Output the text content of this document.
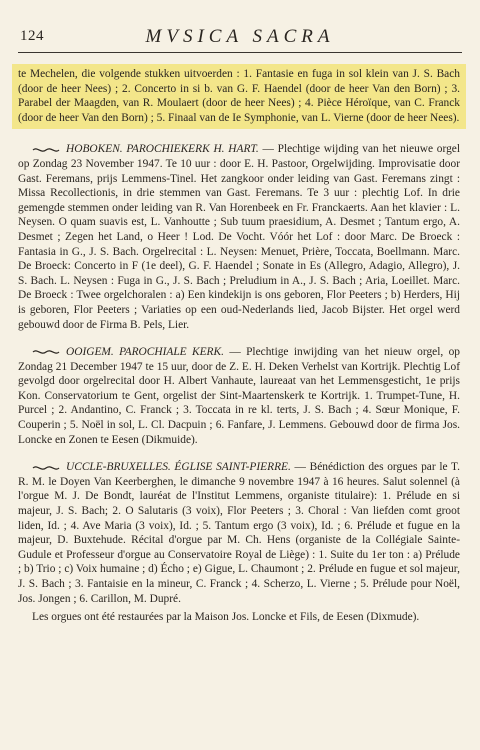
124	MVSICA SACRA

te Mechelen, die volgende stukken uitvoerden : 1. Fantasie en fuga in sol klein van J. S. Bach (door de heer Nees) ; 2. Concerto in si b. van G. F. Haendel (door de heer Van den Born) ; 3. Parabel der Maagden, van R. Moulaert (door de heer Nees) ; 4. Pièce Héroïque, van C. Franck (door de heer Van den Born) ; 5. Finaal van de Ie Symphonie, van L. Vierne (door de heer Nees).

HOBOKEN. PAROCHIEKERK H. HART. — Plechtige wijding van het nieuwe orgel op Zondag 23 November 1947. Te 10 uur : door E. H. Pastoor, Orgelwijding. Improvisatie door Gast. Feremans, prijs Lemmens-Tinel. Het zangkoor onder leiding van Gast. Feremans zingt : Missa Recollectionis, in drie stemmen van Gast. Feremans. Te 3 uur : plechtig Lof. In drie gemengde stemmen onder leiding van R. Van Horenbeek en Fr. Franckaerts. Aan het klavier : L. Neysen. O quam suavis est, L. Vanhoutte ; Sub tuum praesidium, A. Desmet ; Tantum ergo, A. Desmet ; Zegen het Land, o Heer ! Lod. De Vocht. Vóór het Lof : door Marc. De Broeck : Fantasia in G., J. S. Bach. Orgelrecital : L. Neysen: Menuet, Prière, Toccata, Boellmann. Marc. De Broeck: Concerto in F (1e deel), G. F. Haendel ; Sonate in Es (Allegro, Adagio, Allegro), J. S. Bach. L. Neysen : Fuga in G., J. S. Bach ; Preludium in A., J. S. Bach ; Aria, Loeillet. Marc. De Broeck : Twee orgelchoralen : a) Een kindekijn is ons geboren, Flor Peeters ; b) Herders, Hij is geboren, Flor Peeters ; Variaties op een oud-Nederlands lied, Jacob Bijster. Het orgel werd gebouwd door de Firma B. Pels, Lier.

OOIGEM. PAROCHIALE KERK. — Plechtige inwijding van het nieuw orgel, op Zondag 21 December 1947 te 15 uur, door de Z. E. H. Deken Verhelst van Kortrijk. Plechtig Lof gevolgd door orgelrecital door H. Albert Vanhaute, laureaat van het Lemmensgesticht, 1e prijs Kon. Conservatorium te Gent, orgelist der Sint-Maartenskerk te Kortrijk. 1. Trumpet-Tune, H. Purcel ; 2. Andantino, C. Franck ; 3. Toccata in re kl. terts, J. S. Bach ; 4. Sœur Monique, F. Couperin ; 5. Noël in sol, L. Cl. Dacpuin ; 6. Fanfare, J. Lemmens. Gebouwd door de firma Jos. Loncke en Zonen te Eesen (Dikmuide).

UCCLE-BRUXELLES. ÉGLISE SAINT-PIERRE. — Bénédiction des orgues par le T. R. M. le Doyen Van Keerberghen, le dimanche 9 novembre 1947 à 16 heures. Salut solennel (à l'orgue M. J. De Bondt, lauréat de l'Institut Lemmens, organiste titulaire): 1. Prélude en si majeur, J. S. Bach; 2. O Salutaris (3 voix), Flor Peeters ; 3. Choral : Van liefden comt groot liden, Id. ; 4. Ave Maria (3 voix), Id. ; 5. Tantum ergo (3 voix), Id. ; 6. Prélude et fugue en la majeur, D. Buxtehude. Récital d'orgue par M. Ch. Hens (organiste de la Collégiale Sainte-Gudule et Professeur d'orgue au Conservatoire Royal de Liège) : 1. Suite du 1er ton : a) Prélude ; b) Trio ; c) Voix humaine ; d) Écho ; e) Gigue, L. Chaumont ; 2. Prélude en fugue et sol majeur, J. S. Bach ; 3. Fantaisie en la mineur, C. Franck ; 4. Scherzo, L. Vierne ; 5. Prélude pour Noël, Jos. Jongen ; 6. Carillon, M. Dupré.

Les orgues ont été restaurées par la Maison Jos. Loncke et Fils, de Eesen (Dixmude).
